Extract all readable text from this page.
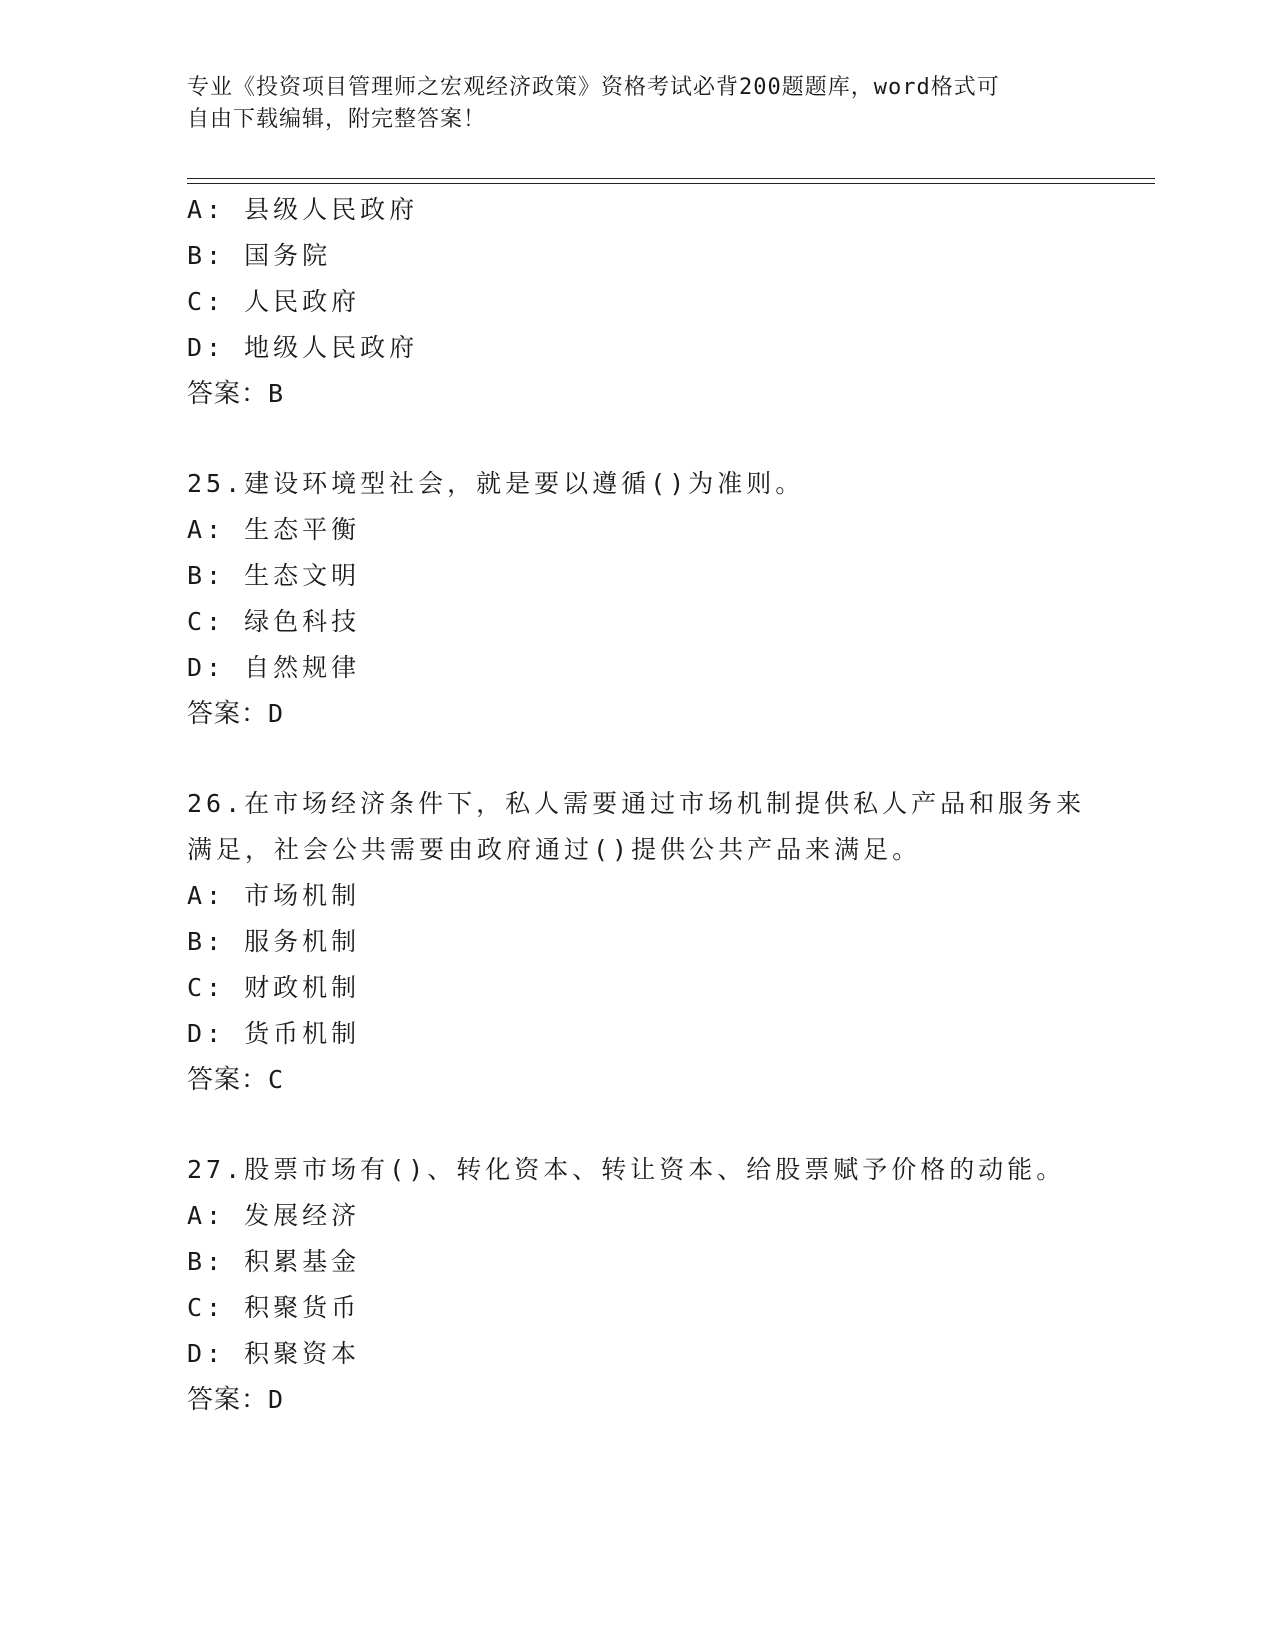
专业《投资项目管理师之宏观经济政策》资格考试必背200题题库，word格式可
自由下载编辑，附完整答案！
A: 县级人民政府
B: 国务院
C: 人民政府
D: 地级人民政府
答案：B
25.建设环境型社会，就是要以遵循()为准则。
A: 生态平衡
B: 生态文明
C: 绿色科技
D: 自然规律
答案：D
26.在市场经济条件下，私人需要通过市场机制提供私人产品和服务来
满足，社会公共需要由政府通过()提供公共产品来满足。
A: 市场机制
B: 服务机制
C: 财政机制
D: 货币机制
答案：C
27.股票市场有()、转化资本、转让资本、给股票赋予价格的动能。
A: 发展经济
B: 积累基金
C: 积聚货币
D: 积聚资本
答案：D
